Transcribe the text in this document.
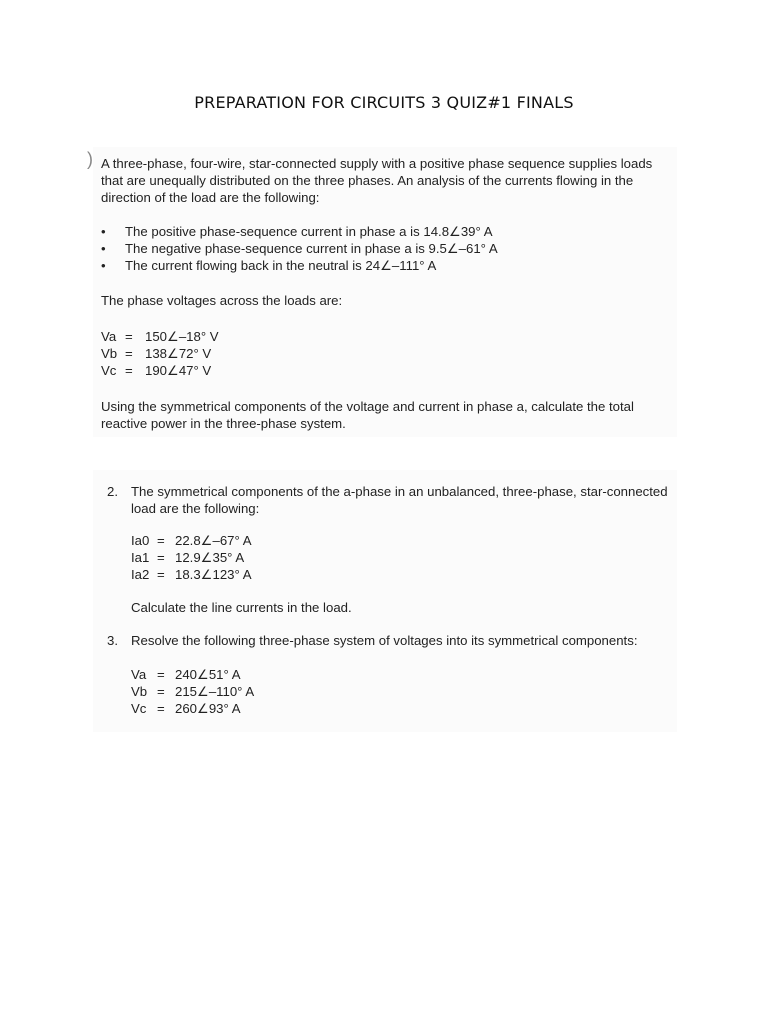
PREPARATION FOR CIRCUITS 3 QUIZ#1 FINALS
) A three-phase, four-wire, star-connected supply with a positive phase sequence supplies loads that are unequally distributed on the three phases. An analysis of the currents flowing in the direction of the load are the following:
• The positive phase-sequence current in phase a is 14.8∠39° A
• The negative phase-sequence current in phase a is 9.5∠–61° A
• The current flowing back in the neutral is 24∠–111° A
The phase voltages across the loads are:
Va = 150∠–18° V
Vb = 138∠72° V
Vc = 190∠47° V
Using the symmetrical components of the voltage and current in phase a, calculate the total reactive power in the three-phase system.
2. The symmetrical components of the a-phase in an unbalanced, three-phase, star-connected load are the following:
Ia0 = 22.8∠–67° A
Ia1 = 12.9∠35° A
Ia2 = 18.3∠123° A
Calculate the line currents in the load.
3. Resolve the following three-phase system of voltages into its symmetrical components:
Va = 240∠51° A
Vb = 215∠–110° A
Vc = 260∠93° A
